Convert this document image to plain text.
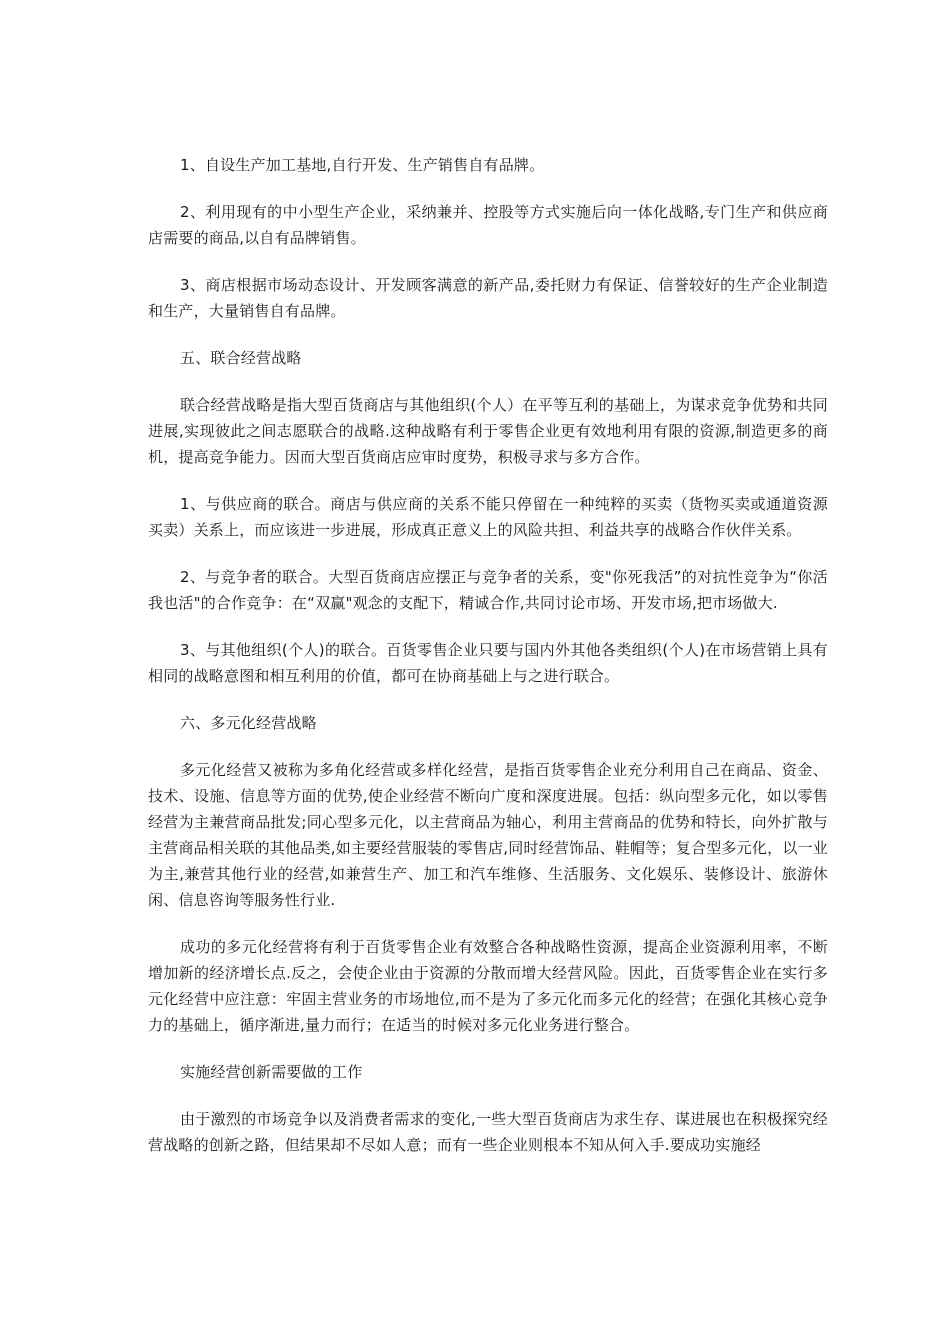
1、自设生产加工基地,自行开发、生产销售自有品牌。

2、利用现有的中小型生产企业，采纳兼并、控股等方式实施后向一体化战略,专门生产和供应商店需要的商品,以自有品牌销售。

3、商店根据市场动态设计、开发顾客满意的新产品,委托财力有保证、信誉较好的生产企业制造和生产，大量销售自有品牌。

五、联合经营战略

联合经营战略是指大型百货商店与其他组织(个人）在平等互利的基础上，为谋求竞争优势和共同进展,实现彼此之间志愿联合的战略.这种战略有利于零售企业更有效地利用有限的资源,制造更多的商机，提高竞争能力。因而大型百货商店应审时度势，积极寻求与多方合作。

1、与供应商的联合。商店与供应商的关系不能只停留在一种纯粹的买卖（货物买卖或通道资源买卖）关系上，而应该进一步进展，形成真正意义上的风险共担、利益共享的战略合作伙伴关系。

2、与竞争者的联合。大型百货商店应摆正与竞争者的关系，变"你死我活”的对抗性竞争为“你活我也活"的合作竞争：在“双赢"观念的支配下，精诚合作,共同讨论市场、开发市场,把市场做大.

3、与其他组织(个人)的联合。百货零售企业只要与国内外其他各类组织(个人)在市场营销上具有相同的战略意图和相互利用的价值，都可在协商基础上与之进行联合。

六、多元化经营战略

多元化经营又被称为多角化经营或多样化经营，是指百货零售企业充分利用自己在商品、资金、技术、设施、信息等方面的优势,使企业经营不断向广度和深度进展。包括：纵向型多元化，如以零售经营为主兼营商品批发;同心型多元化，以主营商品为轴心，利用主营商品的优势和特长，向外扩散与主营商品相关联的其他品类,如主要经营服装的零售店,同时经营饰品、鞋帽等；复合型多元化，以一业为主,兼营其他行业的经营,如兼营生产、加工和汽车维修、生活服务、文化娱乐、装修设计、旅游休闲、信息咨询等服务性行业.

成功的多元化经营将有利于百货零售企业有效整合各种战略性资源，提高企业资源利用率，不断增加新的经济增长点.反之，会使企业由于资源的分散而增大经营风险。因此，百货零售企业在实行多元化经营中应注意：牢固主营业务的市场地位,而不是为了多元化而多元化的经营；在强化其核心竞争力的基础上，循序渐进,量力而行；在适当的时候对多元化业务进行整合。

实施经营创新需要做的工作

由于激烈的市场竞争以及消费者需求的变化,一些大型百货商店为求生存、谋进展也在积极探究经营战略的创新之路，但结果却不尽如人意；而有一些企业则根本不知从何入手.要成功实施经
